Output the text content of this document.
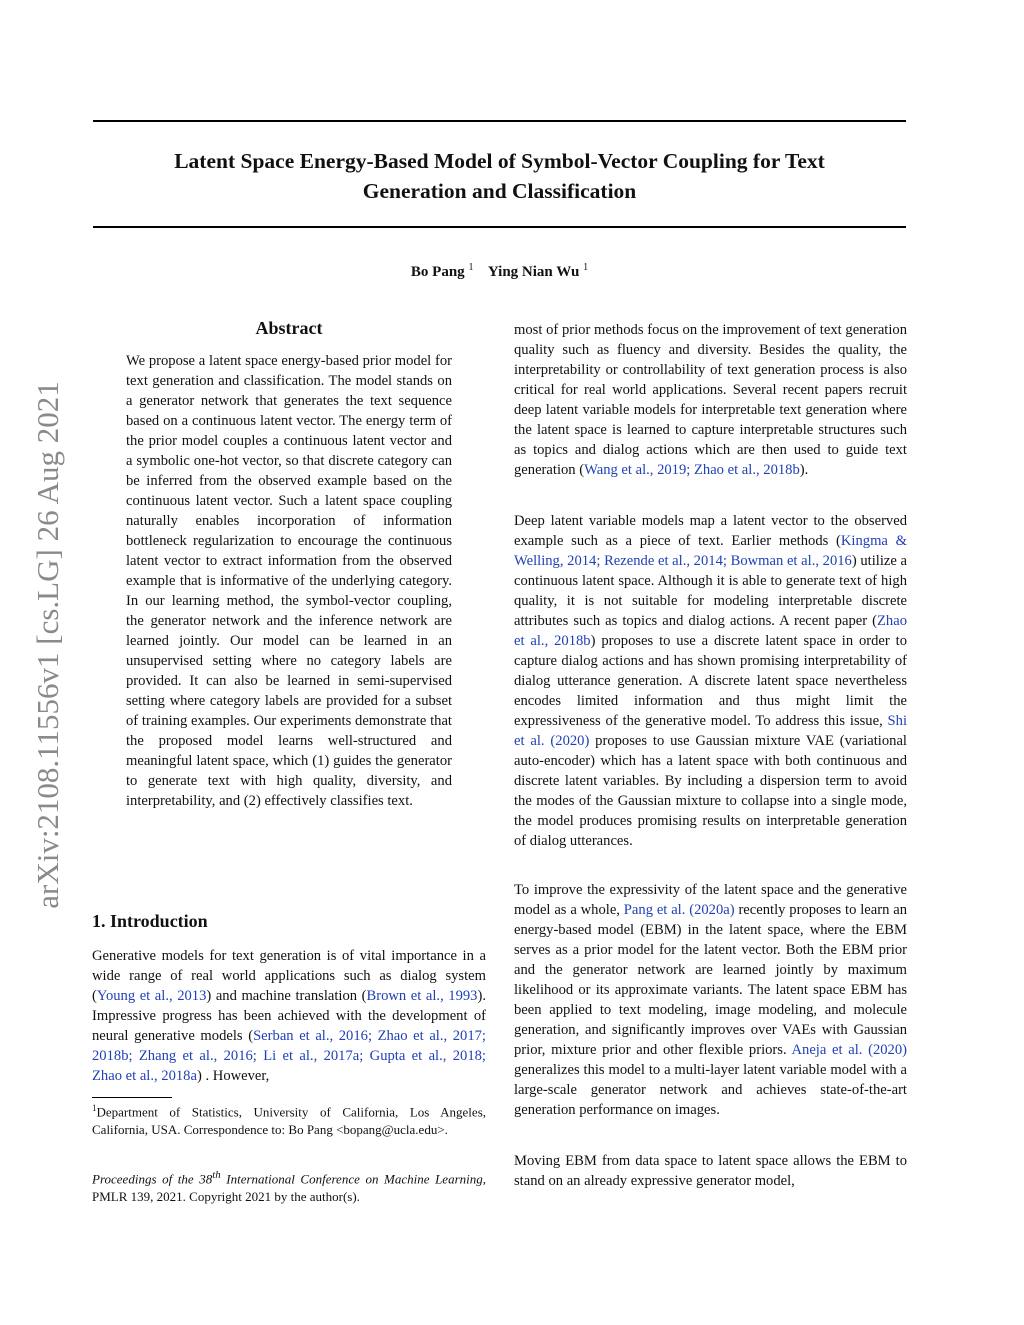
arXiv:2108.11556v1 [cs.LG] 26 Aug 2021
Latent Space Energy-Based Model of Symbol-Vector Coupling for Text
Generation and Classification
Bo Pang $^1$ Ying Nian Wu $^1$
Abstract

We propose a latent space energy-based prior model for text generation and classification. The model stands on a generator network that generates the text sequence based on a continuous latent vector. The energy term of the prior model couples a continuous latent vector and a symbolic one-hot vector, so that discrete category can be inferred from the observed example based on the continuous latent vector. Such a latent space coupling naturally enables incorporation of information bottleneck regularization to encourage the continuous latent vector to extract information from the observed example that is informative of the underlying category. In our learning method, the symbol-vector coupling, the generator network and the inference network are learned jointly. Our model can be learned in an unsupervised setting where no category labels are provided. It can also be learned in semi-supervised setting where category labels are provided for a subset of training examples. Our experiments demonstrate that the proposed model learns well-structured and meaningful latent space, which (1) guides the generator to generate text with high quality, diversity, and interpretability, and (2) effectively classifies text.

1. Introduction

Generative models for text generation is of vital importance in a wide range of real world applications such as dialog system (Young et al., 2013) and machine translation (Brown et al., 1993). Impressive progress has been achieved with the development of neural generative models (Serban et al., 2016; Zhao et al., 2017; 2018b; Zhang et al., 2016; Li et al., 2017a; Gupta et al., 2018; Zhao et al., 2018a) . However,

$^1$Department of Statistics, University of California, Los Angeles, California, USA. Correspondence to: Bo Pang <bopang@ucla.edu>.

Proceedings of the 38th International Conference on Machine Learning, PMLR 139, 2021. Copyright 2021 by the author(s).

most of prior methods focus on the improvement of text generation quality such as fluency and diversity. Besides the quality, the interpretability or controllability of text generation process is also critical for real world applications. Several recent papers recruit deep latent variable models for interpretable text generation where the latent space is learned to capture interpretable structures such as topics and dialog actions which are then used to guide text generation (Wang et al., 2019; Zhao et al., 2018b).

Deep latent variable models map a latent vector to the observed example such as a piece of text. Earlier methods (Kingma & Welling, 2014; Rezende et al., 2014; Bowman et al., 2016) utilize a continuous latent space. Although it is able to generate text of high quality, it is not suitable for modeling interpretable discrete attributes such as topics and dialog actions. A recent paper (Zhao et al., 2018b) proposes to use a discrete latent space in order to capture dialog actions and has shown promising interpretability of dialog utterance generation. A discrete latent space nevertheless encodes limited information and thus might limit the expressiveness of the generative model. To address this issue, Shi et al. (2020) proposes to use Gaussian mixture VAE (variational auto-encoder) which has a latent space with both continuous and discrete latent variables. By including a dispersion term to avoid the modes of the Gaussian mixture to collapse into a single mode, the model produces promising results on interpretable generation of dialog utterances.

To improve the expressivity of the latent space and the generative model as a whole, Pang et al. (2020a) recently proposes to learn an energy-based model (EBM) in the latent space, where the EBM serves as a prior model for the latent vector. Both the EBM prior and the generator network are learned jointly by maximum likelihood or its approximate variants. The latent space EBM has been applied to text modeling, image modeling, and molecule generation, and significantly improves over VAEs with Gaussian prior, mixture prior and other flexible priors. Aneja et al. (2020) generalizes this model to a multi-layer latent variable model with a large-scale generator network and achieves state-of-the-art generation performance on images.

Moving EBM from data space to latent space allows the EBM to stand on an already expressive generator model,
